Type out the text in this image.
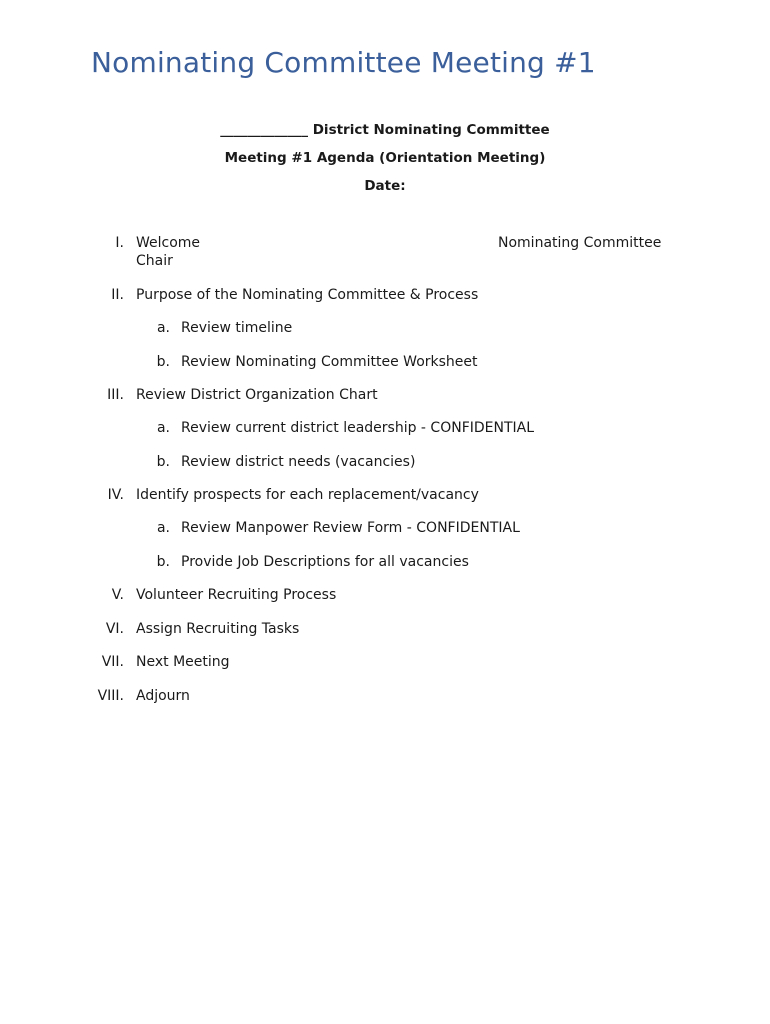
Nominating Committee Meeting #1
_____________ District Nominating Committee
Meeting #1 Agenda (Orientation Meeting)
Date:
I. Welcome
Chair
Nominating Committee
II. Purpose of the Nominating Committee & Process
a. Review timeline
b. Review Nominating Committee Worksheet
III. Review District Organization Chart
a. Review current district leadership - CONFIDENTIAL
b. Review district needs (vacancies)
IV. Identify prospects for each replacement/vacancy
a. Review Manpower Review Form - CONFIDENTIAL
b. Provide Job Descriptions for all vacancies
V. Volunteer Recruiting Process
VI. Assign Recruiting Tasks
VII. Next Meeting
VIII. Adjourn
